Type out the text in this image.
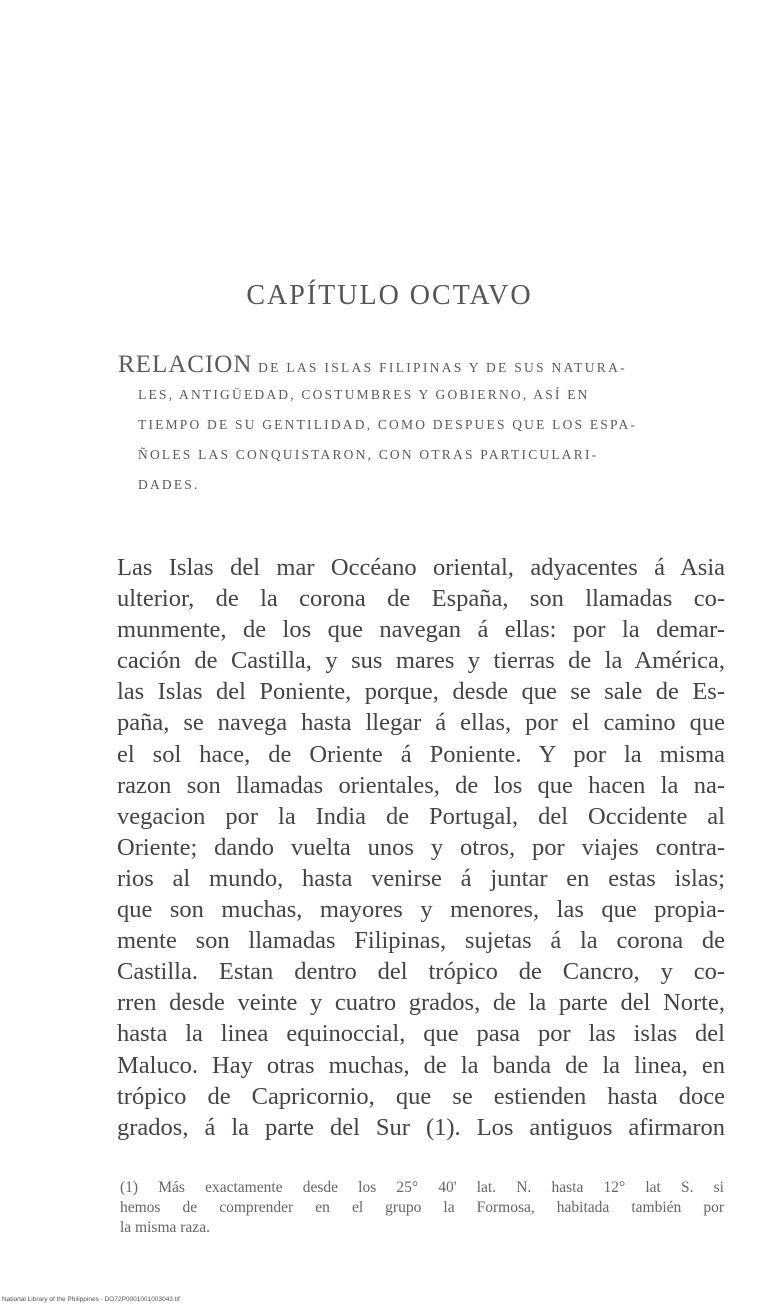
CAPÍTULO OCTAVO
RELACION DE LAS ISLAS FILIPINAS Y DE SUS NATURA-
LES, ANTIGÜEDAD, COSTUMBRES Y GOBIERNO, ASÍ EN
TIEMPO DE SU GENTILIDAD, COMO DESPUES QUE LOS ESPA-
ÑOLES LAS CONQUISTARON, CON OTRAS PARTICULARI-
DADES.
Las Islas del mar Occéano oriental, adyacentes á Asia
ulterior, de la corona de España, son llamadas co-
munmente, de los que navegan á ellas: por la demar-
cación de Castilla, y sus mares y tierras de la América,
las Islas del Poniente, porque, desde que se sale de Es-
paña, se navega hasta llegar á ellas, por el camino que
el sol hace, de Oriente á Poniente. Y por la misma
razon son llamadas orientales, de los que hacen la na-
vegacion por la India de Portugal, del Occidente al
Oriente; dando vuelta unos y otros, por viajes contra-
rios al mundo, hasta venirse á juntar en estas islas;
que son muchas, mayores y menores, las que propia-
mente son llamadas Filipinas, sujetas á la corona de
Castilla. Estan dentro del trópico de Cancro, y co-
rren desde veinte y cuatro grados, de la parte del Norte,
hasta la linea equinoccial, que pasa por las islas del
Maluco. Hay otras muchas, de la banda de la linea, en
trópico de Capricornio, que se estienden hasta doce
grados, á la parte del Sur (1). Los antiguos afirmaron
(1) Más exactamente desde los 25° 40' lat. N. hasta 12° lat S. si
hemos de comprender en el grupo la Formosa, habitada también por
la misma raza.
National Library of the Philippines · DO72P0001001003043.tif
